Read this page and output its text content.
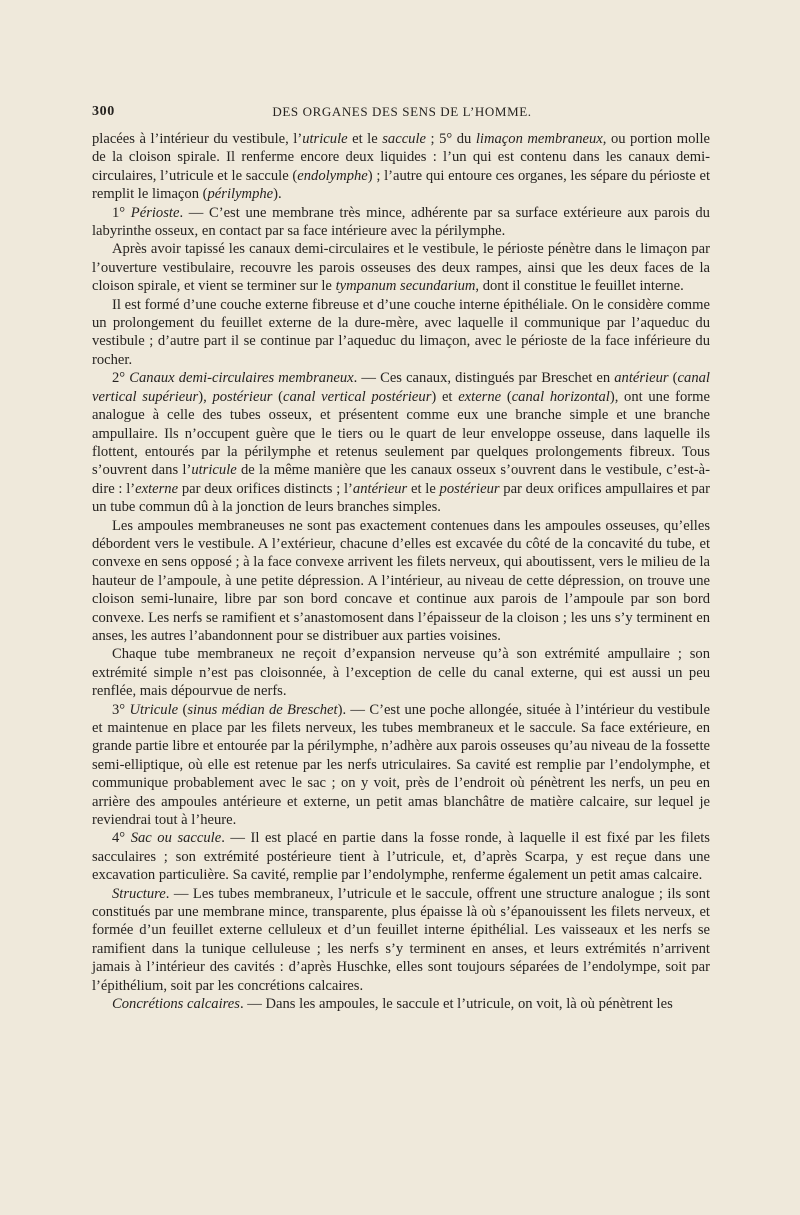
300	DES ORGANES DES SENS DE L’HOMME.

placées à l’intérieur du vestibule, l’utricule et le saccule ; 5° du limaçon membraneux, ou portion molle de la cloison spirale. Il renferme encore deux liquides : l’un qui est contenu dans les canaux demi-circulaires, l’utricule et le saccule (endolymphe) ; l’autre qui entoure ces organes, les sépare du périoste et remplit le limaçon (périlymphe).

1° Périoste. — C’est une membrane très mince, adhérente par sa surface extérieure aux parois du labyrinthe osseux, en contact par sa face intérieure avec la périlymphe.

Après avoir tapissé les canaux demi-circulaires et le vestibule, le périoste pénètre dans le limaçon par l’ouverture vestibulaire, recouvre les parois osseuses des deux rampes, ainsi que les deux faces de la cloison spirale, et vient se terminer sur le tympanum secundarium, dont il constitue le feuillet interne.

Il est formé d’une couche externe fibreuse et d’une couche interne épithéliale. On le considère comme un prolongement du feuillet externe de la dure-mère, avec laquelle il communique par l’aqueduc du vestibule ; d’autre part il se continue par l’aqueduc du limaçon, avec le périoste de la face inférieure du rocher.

2° Canaux demi-circulaires membraneux. — Ces canaux, distingués par Breschet en antérieur (canal vertical supérieur), postérieur (canal vertical postérieur) et externe (canal horizontal), ont une forme analogue à celle des tubes osseux, et présentent comme eux une branche simple et une branche ampullaire. Ils n’occupent guère que le tiers ou le quart de leur enveloppe osseuse, dans laquelle ils flottent, entourés par la périlymphe et retenus seulement par quelques prolongements fibreux. Tous s’ouvrent dans l’utricule de la même manière que les canaux osseux s’ouvrent dans le vestibule, c’est-à-dire : l’externe par deux orifices distincts ; l’antérieur et le postérieur par deux orifices ampullaires et par un tube commun dû à la jonction de leurs branches simples.

Les ampoules membraneuses ne sont pas exactement contenues dans les ampoules osseuses, qu’elles débordent vers le vestibule. A l’extérieur, chacune d’elles est excavée du côté de la concavité du tube, et convexe en sens opposé ; à la face convexe arrivent les filets nerveux, qui aboutissent, vers le milieu de la hauteur de l’ampoule, à une petite dépression. A l’intérieur, au niveau de cette dépression, on trouve une cloison semi-lunaire, libre par son bord concave et continue aux parois de l’ampoule par son bord convexe. Les nerfs se ramifient et s’anastomosent dans l’épaisseur de la cloison ; les uns s’y terminent en anses, les autres l’abandonnent pour se distribuer aux parties voisines.

Chaque tube membraneux ne reçoit d’expansion nerveuse qu’à son extrémité ampullaire ; son extrémité simple n’est pas cloisonnée, à l’exception de celle du canal externe, qui est aussi un peu renflée, mais dépourvue de nerfs.

3° Utricule (sinus médian de Breschet). — C’est une poche allongée, située à l’intérieur du vestibule et maintenue en place par les filets nerveux, les tubes membraneux et le saccule. Sa face extérieure, en grande partie libre et entourée par la périlymphe, n’adhère aux parois osseuses qu’au niveau de la fossette semi-elliptique, où elle est retenue par les nerfs utriculaires. Sa cavité est remplie par l’endolymphe, et communique probablement avec le sac ; on y voit, près de l’endroit où pénètrent les nerfs, un peu en arrière des ampoules antérieure et externe, un petit amas blanchâtre de matière calcaire, sur lequel je reviendrai tout à l’heure.

4° Sac ou saccule. — Il est placé en partie dans la fosse ronde, à laquelle il est fixé par les filets sacculaires ; son extrémité postérieure tient à l’utricule, et, d’après Scarpa, y est reçue dans une excavation particulière. Sa cavité, remplie par l’endolymphe, renferme également un petit amas calcaire.

Structure. — Les tubes membraneux, l’utricule et le saccule, offrent une structure analogue ; ils sont constitués par une membrane mince, transparente, plus épaisse là où s’épanouissent les filets nerveux, et formée d’un feuillet externe celluleux et d’un feuillet interne épithélial. Les vaisseaux et les nerfs se ramifient dans la tunique celluleuse ; les nerfs s’y terminent en anses, et leurs extrémités n’arrivent jamais à l’intérieur des cavités : d’après Huschke, elles sont toujours séparées de l’endolympe, soit par l’épithélium, soit par les concrétions calcaires.

Concrétions calcaires. — Dans les ampoules, le saccule et l’utricule, on voit, là où pénètrent les
